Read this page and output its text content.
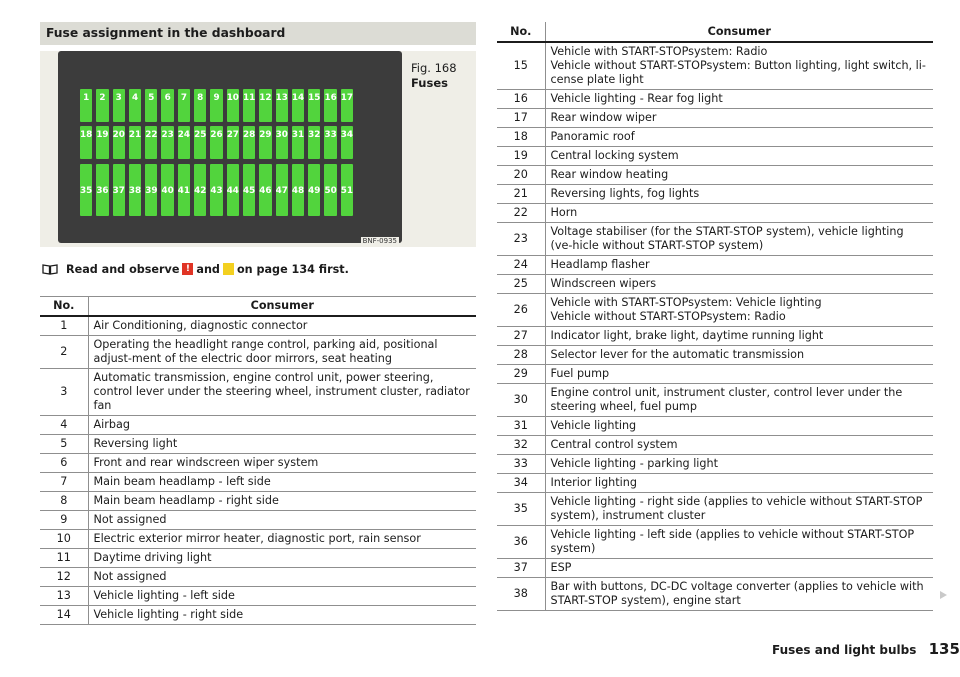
Fuse assignment in the dashboard
1 2 3 4 5 6 7 8 9 10 11 12 13 14 15 16 17
18 19 20 21 22 23 24 25 26 27 28 29 30 31 32 33 34
35 36 37 38 39 40 41 42 43 44 45 46 47 48 49 50 51
BNF-0935
Fig. 168
Fuses
Read and observe ! and on page 134 first.
No.	Consumer
1	Air Conditioning, diagnostic connector
2	Operating the headlight range control, parking aid, positional adjust-ment of the electric door mirrors, seat heating
3	Automatic transmission, engine control unit, power steering, control lever under the steering wheel, instrument cluster, radiator fan
4	Airbag
5	Reversing light
6	Front and rear windscreen wiper system
7	Main beam headlamp - left side
8	Main beam headlamp - right side
9	Not assigned
10	Electric exterior mirror heater, diagnostic port, rain sensor
11	Daytime driving light
12	Not assigned
13	Vehicle lighting - left side
14	Vehicle lighting - right side
No.	Consumer
15	Vehicle with START-STOPsystem: Radio
Vehicle without START-STOPsystem: Button lighting, light switch, li-cense plate light
16	Vehicle lighting - Rear fog light
17	Rear window wiper
18	Panoramic roof
19	Central locking system
20	Rear window heating
21	Reversing lights, fog lights
22	Horn
23	Voltage stabiliser (for the START-STOP system), vehicle lighting (ve-hicle without START-STOP system)
24	Headlamp flasher
25	Windscreen wipers
26	Vehicle with START-STOPsystem: Vehicle lighting
Vehicle without START-STOPsystem: Radio
27	Indicator light, brake light, daytime running light
28	Selector lever for the automatic transmission
29	Fuel pump
30	Engine control unit, instrument cluster, control lever under the
steering wheel, fuel pump
31	Vehicle lighting
32	Central control system
33	Vehicle lighting - parking light
34	Interior lighting
35	Vehicle lighting - right side (applies to vehicle without START-STOP system), instrument cluster
36	Vehicle lighting - left side (applies to vehicle without START-STOP system)
37	ESP
38	Bar with buttons, DC-DC voltage converter (applies to vehicle with START-STOP system), engine start
Fuses and light bulbs 135
